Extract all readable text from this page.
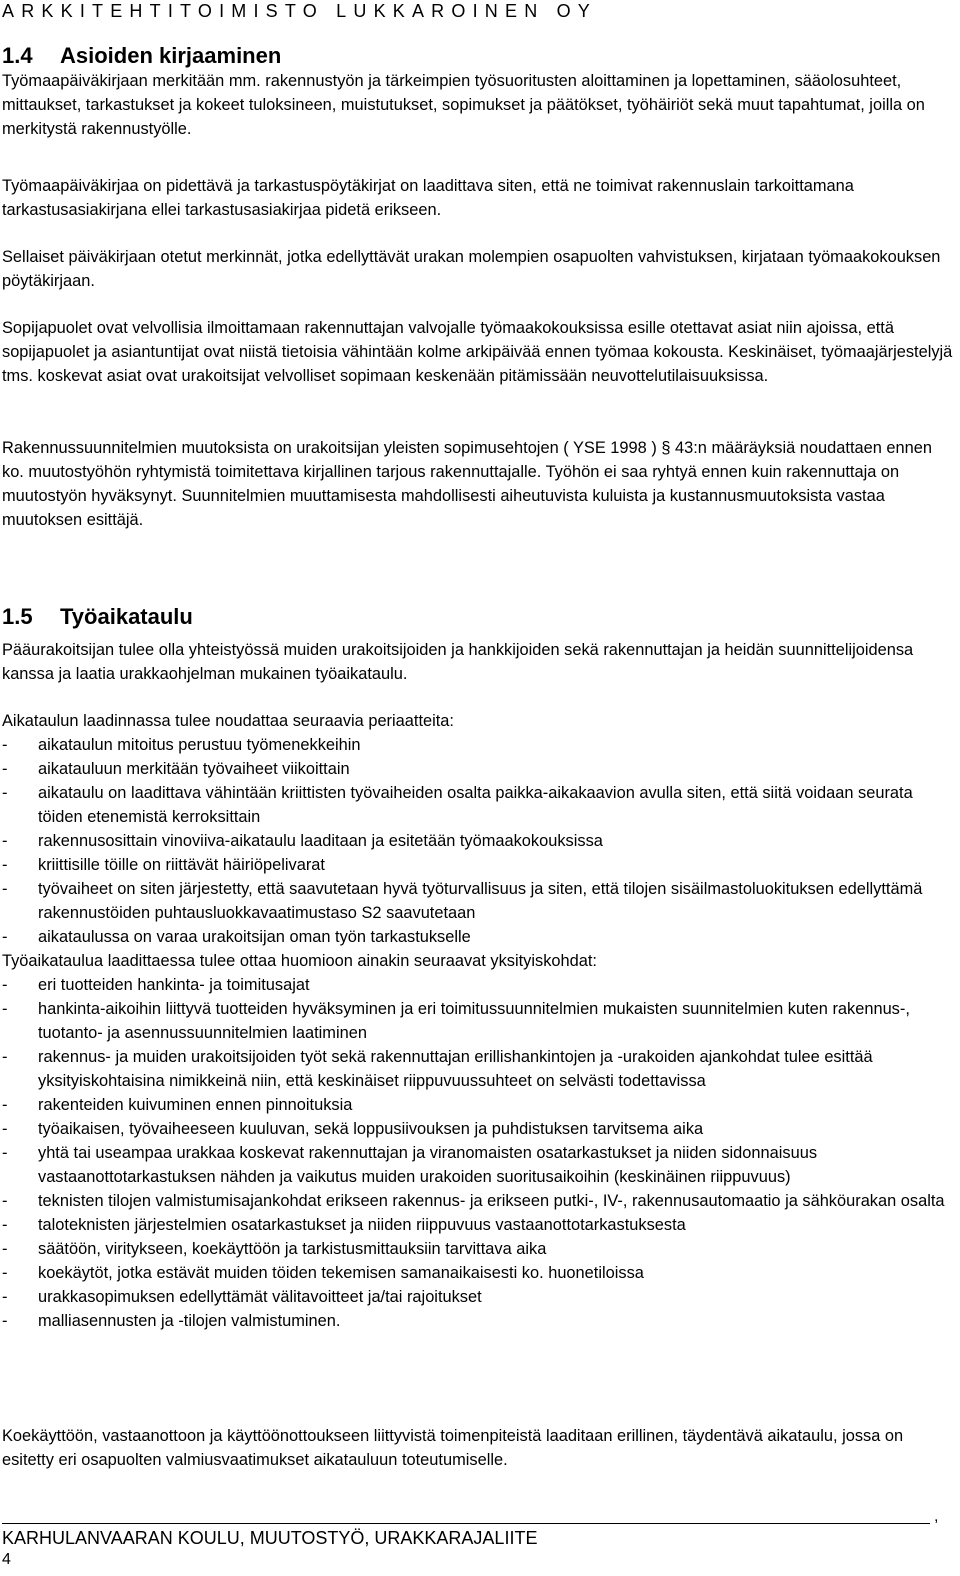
ARKKITEHTITOIMISTO LUKKAROINEN OY
1.4 Asioiden kirjaaminen

Työmaapäiväkirjaan merkitään mm. rakennustyön ja tärkeimpien työsuoritusten aloittaminen ja lopettaminen, sääolosuhteet, mittaukset, tarkastukset ja kokeet tuloksineen, muistutukset, sopimukset ja päätökset, työhäiriöt sekä muut tapahtumat, joilla on merkitystä rakennustyölle.

Työmaapäiväkirjaa on pidettävä ja tarkastuspöytäkirjat on laadittava siten, että ne toimivat rakennuslain tarkoittamana tarkastusasiakirjana ellei tarkastusasiakirjaa pidetä erikseen.

Sellaiset päiväkirjaan otetut merkinnät, jotka edellyttävät urakan molempien osapuolten vahvistuksen, kirjataan työmaakokouksen pöytäkirjaan.

Sopijapuolet ovat velvollisia ilmoittamaan rakennuttajan valvojalle työmaakokouksissa esille otettavat asiat niin ajoissa, että sopijapuolet ja asiantuntijat ovat niistä tietoisia vähintään kolme arkipäivää ennen työmaa kokousta. Keskinäiset, työmaajärjestelyjä tms. koskevat asiat ovat urakoitsijat velvolliset sopimaan keskenään pitämissään neuvottelutilaisuuksissa.

Rakennussuunnitelmien muutoksista on urakoitsijan yleisten sopimusehtojen ( YSE 1998 ) § 43:n määräyksiä noudattaen ennen ko. muutostyöhön ryhtymistä toimitettava kirjallinen tarjous rakennuttajalle. Työhön ei saa ryhtyä ennen kuin rakennuttaja on muutostyön hyväksynyt. Suunnitelmien muuttamisesta mahdollisesti aiheutuvista kuluista ja kustannusmuutoksista vastaa muutoksen esittäjä.

1.5 Työaikataulu

Pääurakoitsijan tulee olla yhteistyössä muiden urakoitsijoiden ja hankkijoiden sekä rakennuttajan ja heidän suunnittelijoidensa kanssa ja laatia urakkaohjelman mukainen työaikataulu.

Aikataulun laadinnassa tulee noudattaa seuraavia periaatteita:

- aikataulun mitoitus perustuu työmenekkeihin
- aikatauluun merkitään työvaiheet viikoittain
- aikataulu on laadittava vähintään kriittisten työvaiheiden osalta paikka-aikakaavion avulla siten, että siitä voidaan seurata töiden etenemistä kerroksittain
- rakennusosittain vinoviiva-aikataulu laaditaan ja esitetään työmaakokouksissa
- kriittisille töille on riittävät häiriöpelivarat
- työvaiheet on siten järjestetty, että saavutetaan hyvä työturvallisuus ja siten, että tilojen sisäilmastoluokituksen edellyttämä rakennustöiden puhtausluokkavaatimustaso S2 saavutetaan
- aikataulussa on varaa urakoitsijan oman työn tarkastukselle
Työaikataulua laadittaessa tulee ottaa huomioon ainakin seuraavat yksityiskohdat:
- eri tuotteiden hankinta- ja toimitusajat
- hankinta-aikoihin liittyvä tuotteiden hyväksyminen ja eri toimitussuunnitelmien mukaisten suunnitelmien kuten rakennus-, tuotanto- ja asennussuunnitelmien laatiminen
- rakennus- ja muiden urakoitsijoiden työt sekä rakennuttajan erillishankintojen ja -urakoiden ajankohdat tulee esittää yksityiskohtaisina nimikkeinä niin, että keskinäiset riippuvuussuhteet on selvästi todettavissa
- rakenteiden kuivuminen ennen pinnoituksia
- työaikaisen, työvaiheeseen kuuluvan, sekä loppusiivouksen ja puhdistuksen tarvitsema aika
- yhtä tai useampaa urakkaa koskevat rakennuttajan ja viranomaisten osatarkastukset ja niiden sidonnaisuus vastaanottotarkastuksen nähden ja vaikutus muiden urakoiden suoritusaikoihin (keskinäinen riippuvuus)
- teknisten tilojen valmistumisajankohdat erikseen rakennus- ja erikseen putki-, IV-, rakennusautomaatio ja sähköurakan osalta
- taloteknisten järjestelmien osatarkastukset ja niiden riippuvuus vastaanottotarkastuksesta
- säätöön, viritykseen, koekäyttöön ja tarkistusmittauksiin tarvittava aika
- koekäytöt, jotka estävät muiden töiden tekemisen samanaikaisesti ko. huonetiloissa
- urakkasopimuksen edellyttämät välitavoitteet ja/tai rajoitukset
- malliasennusten ja -tilojen valmistuminen.

Koekäyttöön, vastaanottoon ja käyttöönottoukseen liittyvistä toimenpiteistä laaditaan erillinen, täydentävä aikataulu, jossa on esitetty eri osapuolten valmiusvaatimukset aikatauluun toteutumiselle.

,
KARHULANVAARAN KOULU, MUUTOSTYÖ, URAKKARAJALIITE
4
